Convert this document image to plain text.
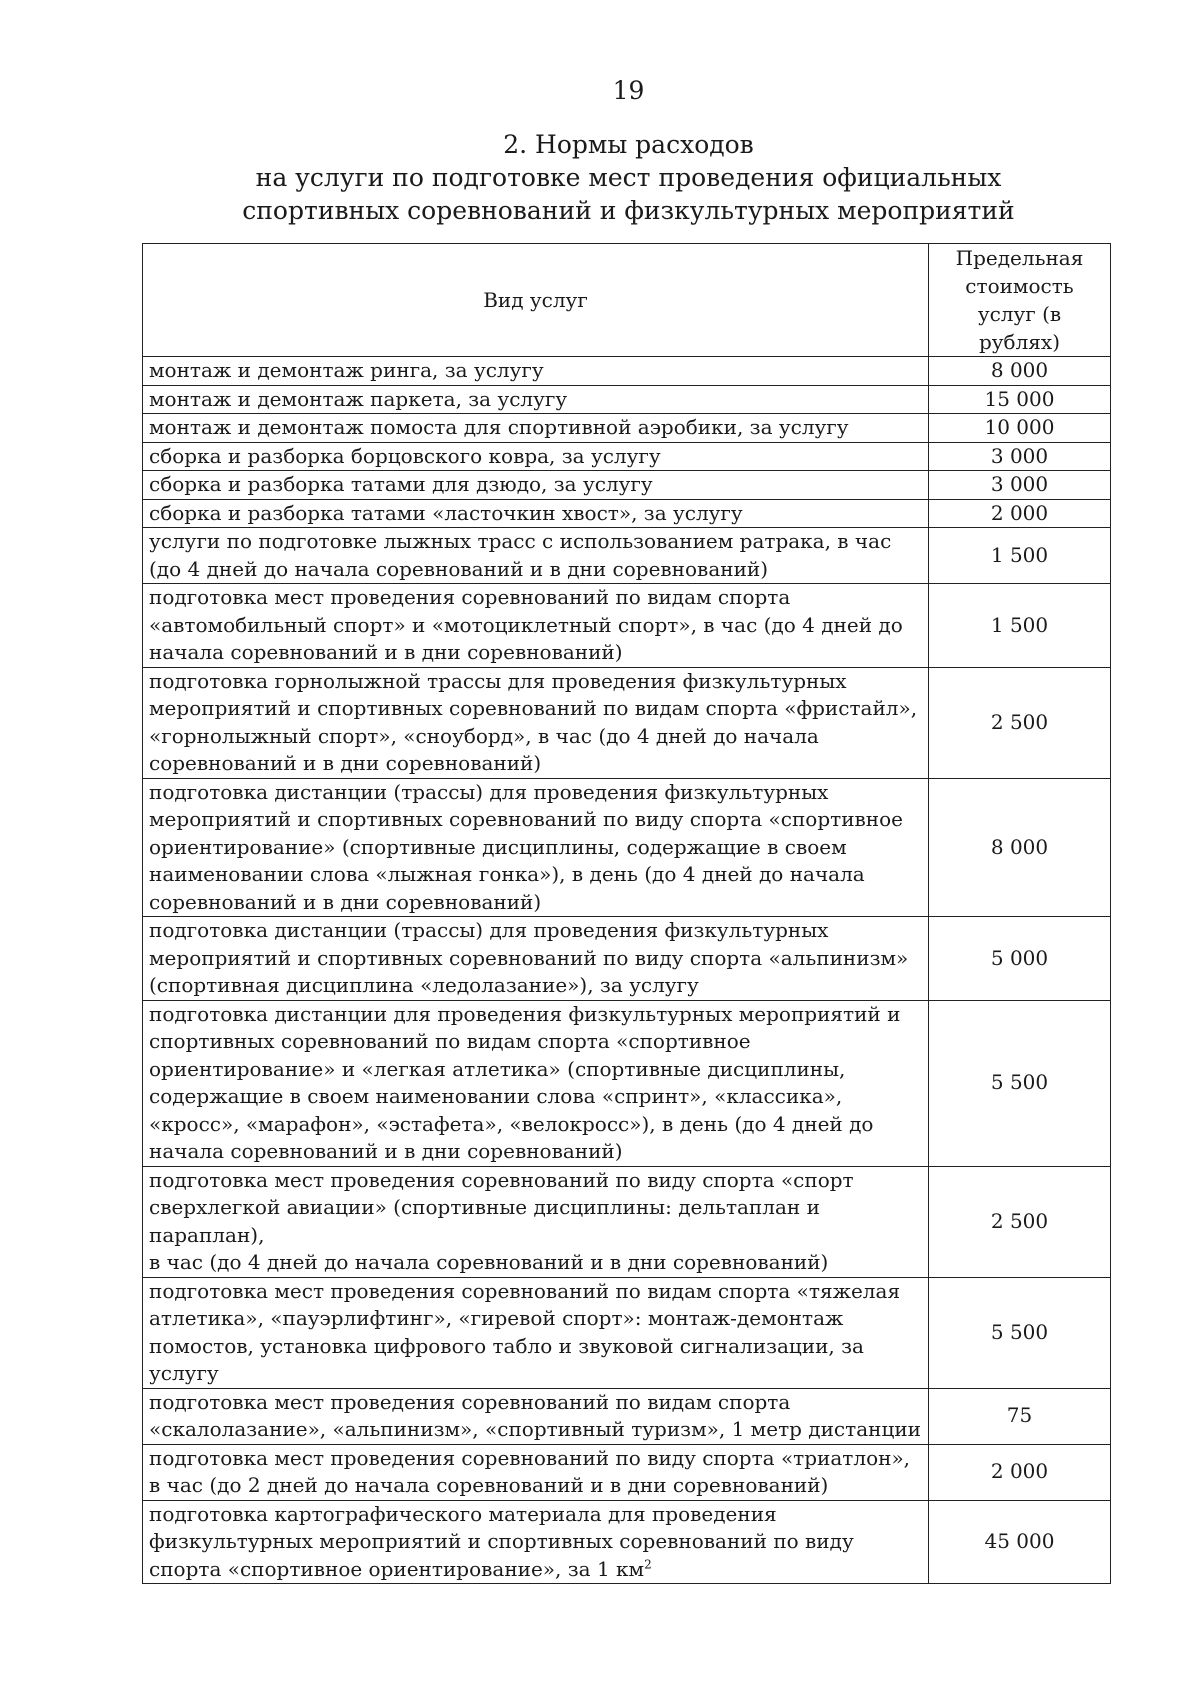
19
2. Нормы расходов
на услуги по подготовке мест проведения официальных
спортивных соревнований и физкультурных мероприятий
Вид услуг	Предельная
стоимость
услуг (в рублях)

монтаж и демонтаж ринга, за услугу	8 000
монтаж и демонтаж паркета, за услугу	15 000
монтаж и демонтаж помоста для спортивной аэробики, за услугу	10 000
сборка и разборка борцовского ковра, за услугу	3 000
сборка и разборка татами для дзюдо, за услугу	3 000
сборка и разборка татами «ласточкин хвост», за услугу	2 000
услуги по подготовке лыжных трасс с использованием ратрака, в час (до 4 дней до начала соревнований и в дни соревнований)	1 500
подготовка мест проведения соревнований по видам спорта «автомобильный спорт» и «мотоциклетный спорт», в час (до 4 дней до начала соревнований и в дни соревнований)	1 500
подготовка горнолыжной трассы для проведения физкультурных мероприятий и спортивных соревнований по видам спорта «фристайл», «горнолыжный спорт», «сноуборд», в час (до 4 дней до начала соревнований и в дни соревнований)	2 500
подготовка дистанции (трассы) для проведения физкультурных мероприятий и спортивных соревнований по виду спорта «спортивное ориентирование» (спортивные дисциплины, содержащие в своем наименовании слова «лыжная гонка»), в день (до 4 дней до начала соревнований и в дни соревнований)	8 000
подготовка дистанции (трассы) для проведения физкультурных мероприятий и спортивных соревнований по виду спорта «альпинизм» (спортивная дисциплина «ледолазание»), за услугу	5 000
подготовка дистанции для проведения физкультурных мероприятий и спортивных соревнований по видам спорта «спортивное ориентирование» и «легкая атлетика» (спортивные дисциплины, содержащие в своем наименовании слова «спринт», «классика», «кросс», «марафон», «эстафета», «велокросс»), в день (до 4 дней до начала соревнований и в дни соревнований)	5 500

подготовка мест проведения соревнований по виду спорта «спорт сверхлегкой авиации» (спортивные дисциплины: дельтаплан и параплан),
в час (до 4 дней до начала соревнований и в дни соревнований)	2 500
подготовка мест проведения соревнований по видам спорта «тяжелая атлетика», «пауэрлифтинг», «гиревой спорт»: монтаж-демонтаж помостов, установка цифрового табло и звуковой сигнализации, за услугу	5 500
подготовка мест проведения соревнований по видам спорта «скалолазание», «альпинизм», «спортивный туризм», 1 метр дистанции	75
подготовка мест проведения соревнований по виду спорта «триатлон», в час (до 2 дней до начала соревнований и в дни соревнований)	2 000
подготовка картографического материала для проведения физкультурных мероприятий и спортивных соревнований по виду спорта «спортивное ориентирование», за 1 $км^2$	45 000
